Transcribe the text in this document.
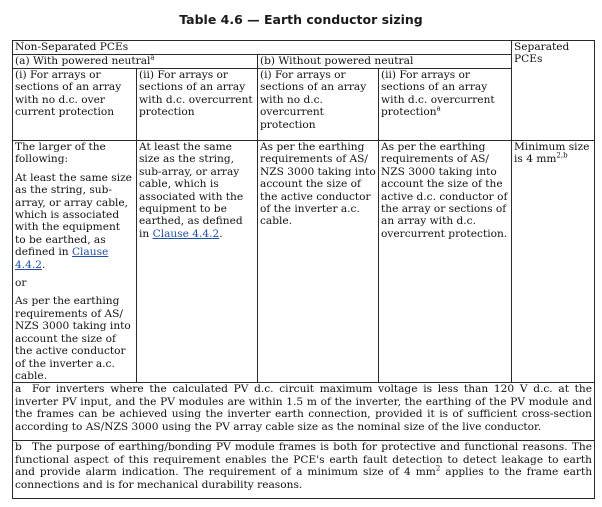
Table 4.6 — Earth conductor sizing
Non-Separated PCEs				Separated PCEs
(a) With powered neutral$^a$		(b) Without powered neutral		
(i) For arrays or sections of an array with no d.c. over current protection	(ii) For arrays or sections of an array with d.c. overcurrent protection	(i) For arrays or sections of an array with no d.c. overcurrent protection	(ii) For arrays or sections of an array with d.c. overcurrent protection$^a$

The larger of the following:

At least the same size as the string, sub-array, or array cable, which is associated with the equipment to be earthed, as defined in Clause 4.4.2.

or

As per the earthing requirements of AS/ NZS 3000 taking into account the size of the active conductor of the inverter a.c. cable.	At least the same size as the string, sub-array, or array cable, which is associated with the equipment to be earthed, as defined in Clause 4.4.2.	As per the earthing requirements of AS/ NZS 3000 taking into account the size of the active conductor of the inverter a.c. cable.	As per the earthing requirements of AS/ NZS 3000 taking into account the size of the active d.c. conductor of the array or sections of an array with d.c. overcurrent protection.	Minimum size is 4 mm$^{2,b}$
a For inverters where the calculated PV d.c. circuit maximum voltage is less than 120 V d.c. at the inverter PV input, and the PV modules are within 1.5 m of the inverter, the earthing of the PV module and the frames can be achieved using the inverter earth connection, provided it is of sufficient cross-section according to AS/NZS 3000 using the PV array cable size as the nominal size of the live conductor.				
b The purpose of earthing/bonding PV module frames is both for protective and functional reasons. The functional aspect of this requirement enables the PCE's earth fault detection to detect leakage to earth and provide alarm indication. The requirement of a minimum size of 4 $mm^2$ applies to the frame earth connections and is for mechanical durability reasons.				
